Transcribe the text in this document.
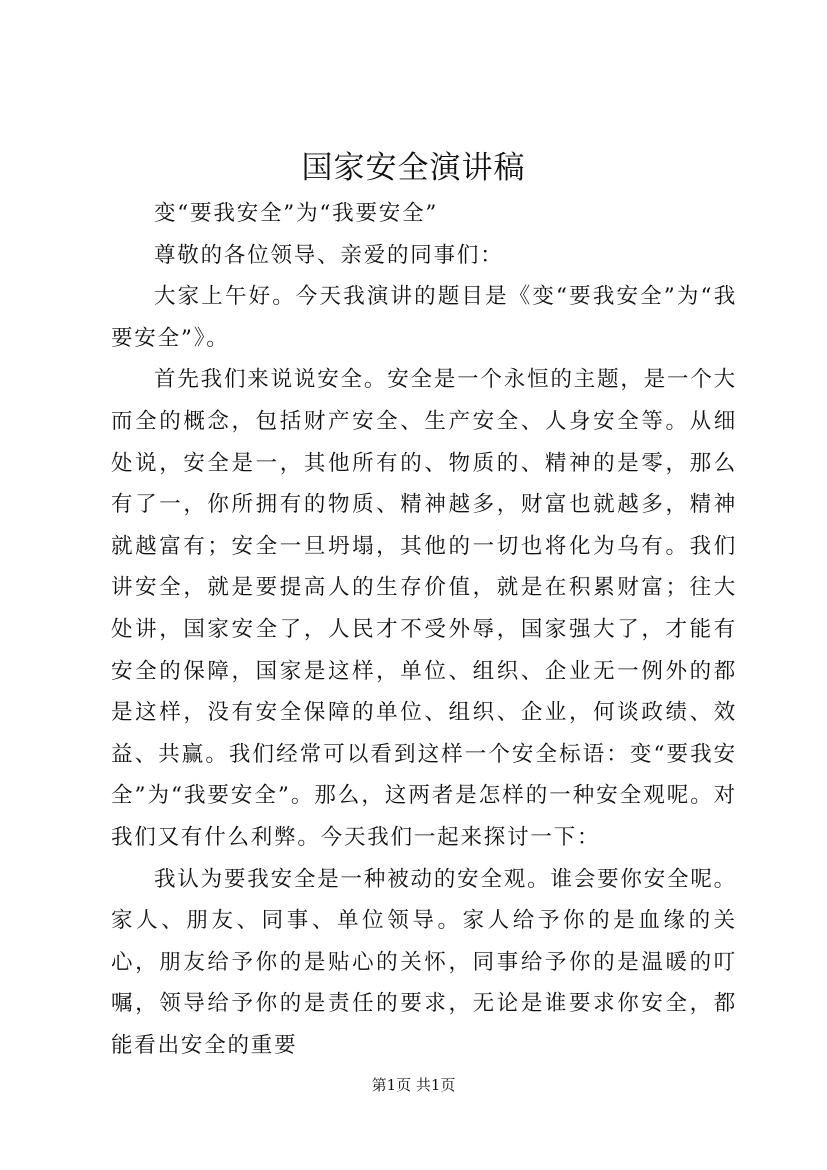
国家安全演讲稿

变“要我安全”为“我要安全”

尊敬的各位领导、亲爱的同事们：

大家上午好。今天我演讲的题目是《变“要我安全”为“我要安全”》。

首先我们来说说安全。安全是一个永恒的主题，是一个大而全的概念，包括财产安全、生产安全、人身安全等。从细处说，安全是一，其他所有的、物质的、精神的是零，那么有了一，你所拥有的物质、精神越多，财富也就越多，精神就越富有；安全一旦坍塌，其他的一切也将化为乌有。我们讲安全，就是要提高人的生存价值，就是在积累财富；往大处讲，国家安全了，人民才不受外辱，国家强大了，才能有安全的保障，国家是这样，单位、组织、企业无一例外的都是这样，没有安全保障的单位、组织、企业，何谈政绩、效益、共赢。我们经常可以看到这样一个安全标语：变“要我安全”为“我要安全”。那么，这两者是怎样的一种安全观呢。对我们又有什么利弊。今天我们一起来探讨一下：

我认为要我安全是一种被动的安全观。谁会要你安全呢。家人、朋友、同事、单位领导。家人给予你的是血缘的关心，朋友给予你的是贴心的关怀，同事给予你的是温暖的叮嘱，领导给予你的是责任的要求，无论是谁要求你安全，都能看出安全的重要

第1页 共1页
